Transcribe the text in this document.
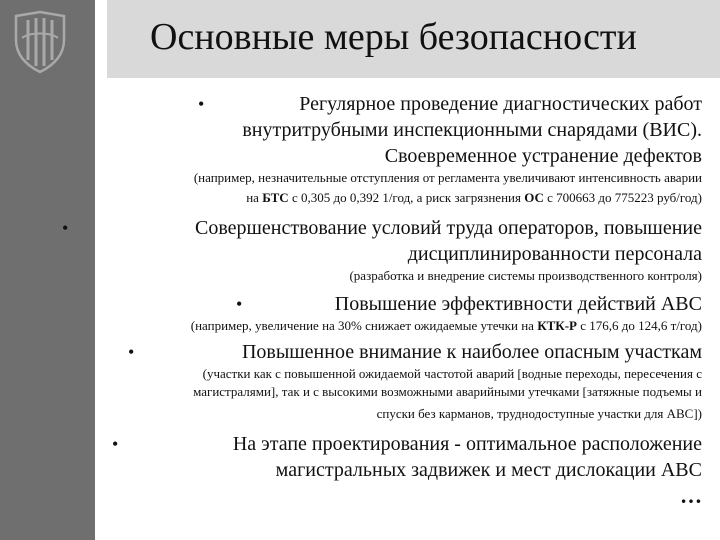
Основные меры безопасности
•	Регулярное проведение диагностических работ
внутритрубными инспекционными снарядами (ВИС).
Своевременное устранение дефектов
(например, незначительные отступления от регламента увеличивают интенсивность аварии
на БТС с 0,305 до 0,392 1/год, а риск загрязнения ОС с 700663 до 775223 руб/год)
•	Совершенствование условий труда операторов, повышение
дисциплинированности персонала
(разработка и внедрение системы производственного контроля)
•	Повышение эффективности действий АВС
(например, увеличение на 30% снижает ожидаемые утечки на КТК-Р с 176,6 до 124,6 т/год)
•	Повышенное внимание к наиболее опасным участкам
(участки как с повышенной ожидаемой частотой аварий [водные переходы, пересечения с
магистралями], так и с высокими возможными аварийными утечками [затяжные подъемы и
спуски без карманов, труднодоступные участки для АВС])
•	На этапе проектирования - оптимальное расположение
магистральных задвижек и мест дислокации АВС
…
